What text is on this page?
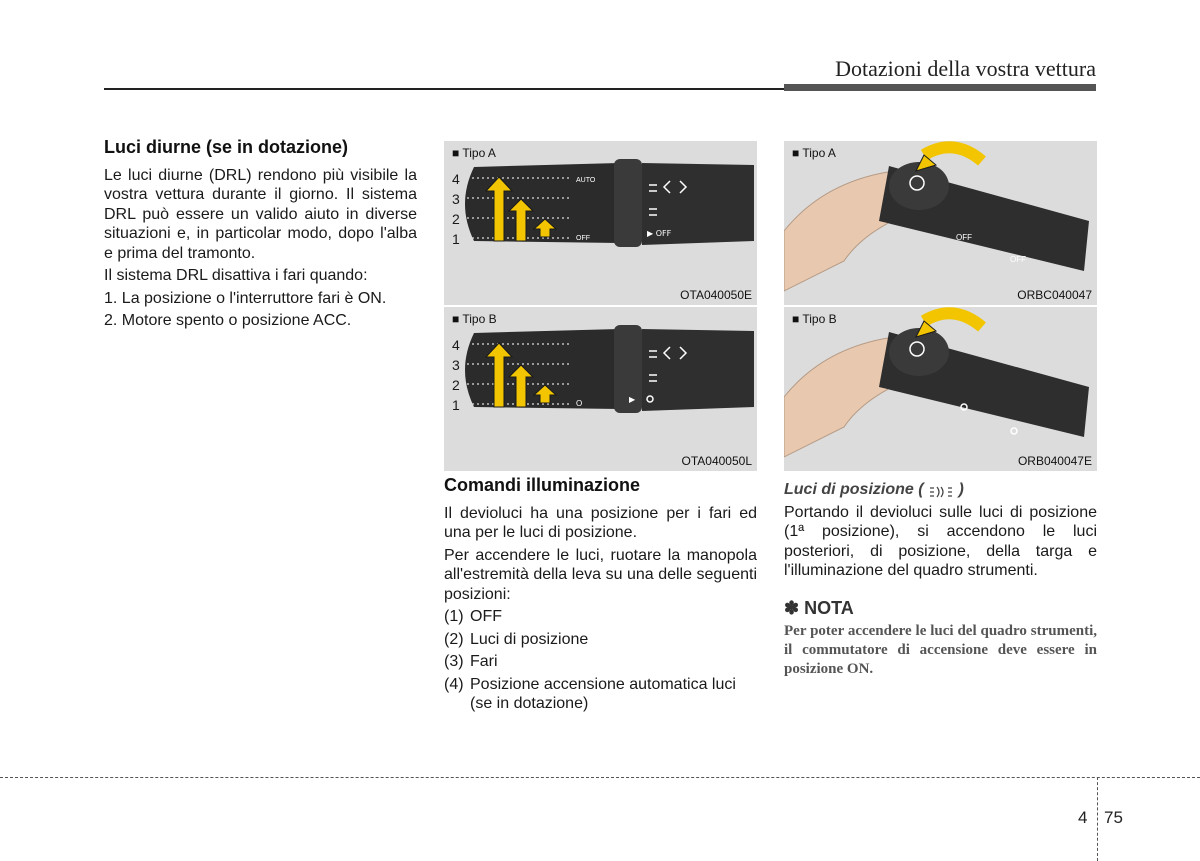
Dotazioni della vostra vettura
Luci diurne (se in dotazione)

Le luci diurne (DRL) rendono più visibile la vostra vettura durante il giorno. Il sistema DRL può essere un valido aiuto in diverse situazioni e, in particolar modo, dopo l'alba e prima del tramonto.

Il sistema DRL disattiva i fari quando:

1. La posizione o l'interruttore fari è ON.

2. Motore spento o posizione ACC.

▶ OFF
■ Tipo A
4
3
2
1
AUTO
OFF
OTA040050E
▶
■ Tipo B
4
3
2
1	O
OTA040050L
■ Tipo A
OFF
OFF
ORBC040047
■ Tipo B
ORB040047E
Comandi illuminazione

Il devioluci ha una posizione per i fari ed una per le luci di posizione.

Per accendere le luci, ruotare la manopola all'estremità della leva su una delle seguenti posizioni:

(1) OFF
(2) Luci di posizione
(3) Fari
(4) Posizione accensione automatica luci (se in dotazione)
Luci di posizione ( )

Portando il devioluci sulle luci di posizione (1ª posizione), si accendono le luci posteriori, di posizione, della targa e l'illuminazione del quadro strumenti.

✽ NOTA

Per poter accendere le luci del quadro strumenti, il commutatore di accensione deve essere in posizione ON.

4 75
